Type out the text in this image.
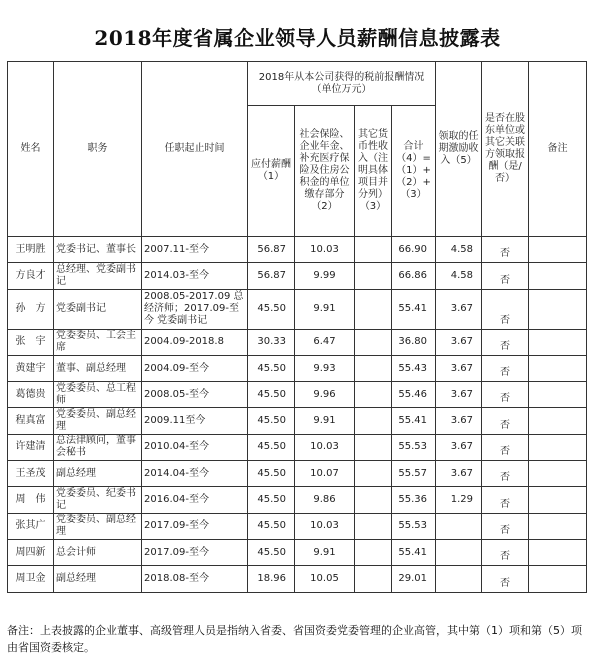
2018年度省属企业领导人员薪酬信息披露表
姓名	职务	任职起止时间	2018年从本公司获得的税前报酬情况（单位万元）				领取的任期激励收入（5）	是否在股东单位或其它关联方领取报酬（是/否）	备注
			应付薪酬（1）	社会保险、企业年金、补充医疗保险及住房公积金的单位缴存部分（2）	其它货币性收入（注明具体项目并分列）（3）	合计（4）=（1）+（2）+（3）			
王明胜	党委书记、董事长	2007.11-至今	56.87	10.03		66.90	4.58	否	
方良才	总经理、党委副书记	2014.03-至今	56.87	9.99		66.86	4.58	否	
孙　方	党委副书记	2008.05-2017.09 总经济师；2017.09-至今 党委副书记	45.50	9.91		55.41	3.67	否	
张　宇	党委委员、工会主席	2004.09-2018.8	30.33	6.47		36.80	3.67	否	
黄建宇	董事、副总经理	2004.09-至今	45.50	9.93		55.43	3.67	否	
葛德贵	党委委员、总工程师	2008.05-至今	45.50	9.96		55.46	3.67	否	
程真富	党委委员、副总经理	2009.11至今	45.50	9.91		55.41	3.67	否	
许建清	总法律顾问，董事会秘书	2010.04-至今	45.50	10.03		55.53	3.67	否	
王圣茂	副总经理	2014.04-至今	45.50	10.07		55.57	3.67	否	
周　伟	党委委员、纪委书记	2016.04-至今	45.50	9.86		55.36	1.29	否	
张其广	党委委员、副总经理	2017.09-至今	45.50	10.03		55.53		否	
周四新	总会计师	2017.09-至今	45.50	9.91		55.41		否	
周卫金	副总经理	2018.08-至今	18.96	10.05		29.01		否	
备注：上表披露的企业董事、高级管理人员是指纳入省委、省国资委党委管理的企业高管，其中第（1）项和第（5）项由省国资委核定。
